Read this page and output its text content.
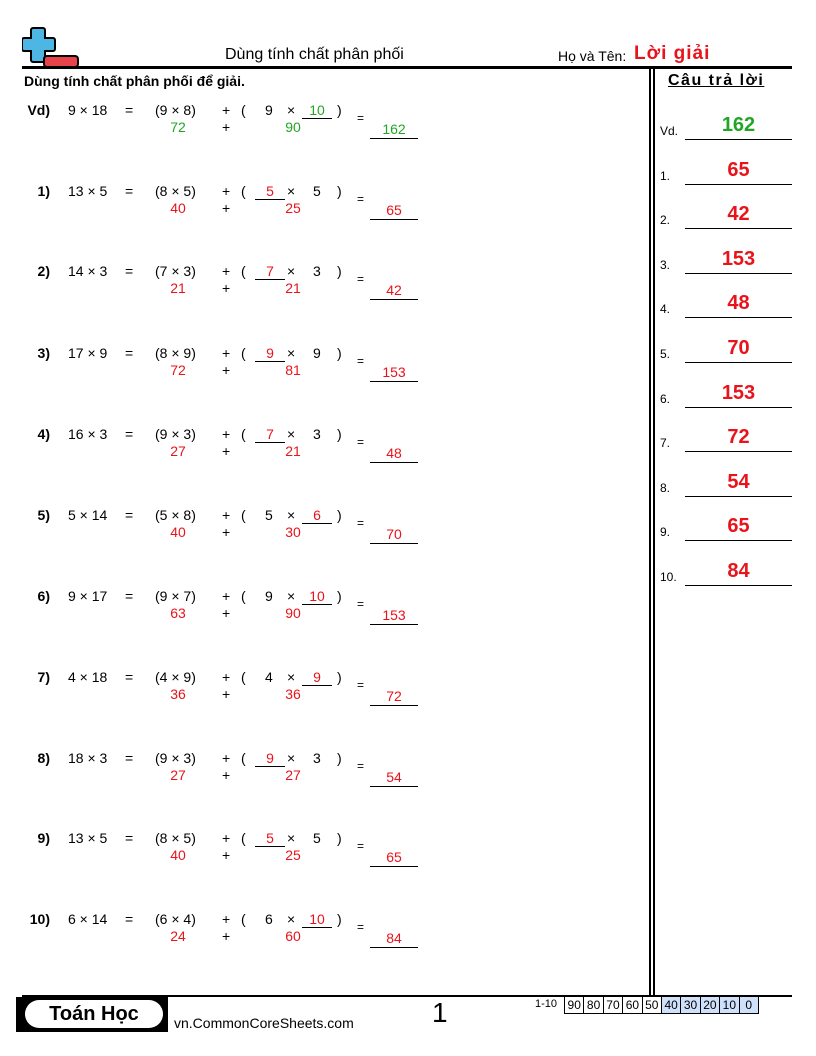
Dùng tính chất phân phối	Họ và Tên: Lời giải
Dùng tính chất phân phối để giải.	Câu trả lời
Vd) 9 × 18 = (9 × 8) + ( 9 ×	10 ) =
72	+	90	162
1) 13 × 5 = (8 × 5) + (	5 × 5 ) =
40	+	25	65
2) 14 × 3 = (7 × 3) + (	7 × 3 ) =
21	+	21	42
3) 17 × 9 = (8 × 9) + (	9 × 9 ) =
72	+	81	153
4) 16 × 3 = (9 × 3) + (	7 × 3 ) =
27	+	21	48
5) 5 × 14 = (5 × 8) + ( 5 ×	6	) =
40	+	30	70
6) 9 × 17 = (9 × 7) + ( 9 ×	10 ) =
63	+	90	153
7) 4 × 18 = (4 × 9) + ( 4 ×	9	) =
36	+	36	72
8) 18 × 3 = (9 × 3) + (	9 × 3 ) =
27	+	27	54
9) 13 × 5 = (8 × 5) + (	5 × 5 ) =
40	+	25	65
10) 6 × 14 = (6 × 4) + ( 6 ×	10 ) =
24	+	60	84
Vd.	162
1.	65
2.	42
3.	153
4.	48
5.	70
6.	153
7.	72
8.	54
9.	65
10.	84
Toán Học	vn.CommonCoreSheets.com	1	1-10 90 80 70 60 50 40 30 20 10 0
